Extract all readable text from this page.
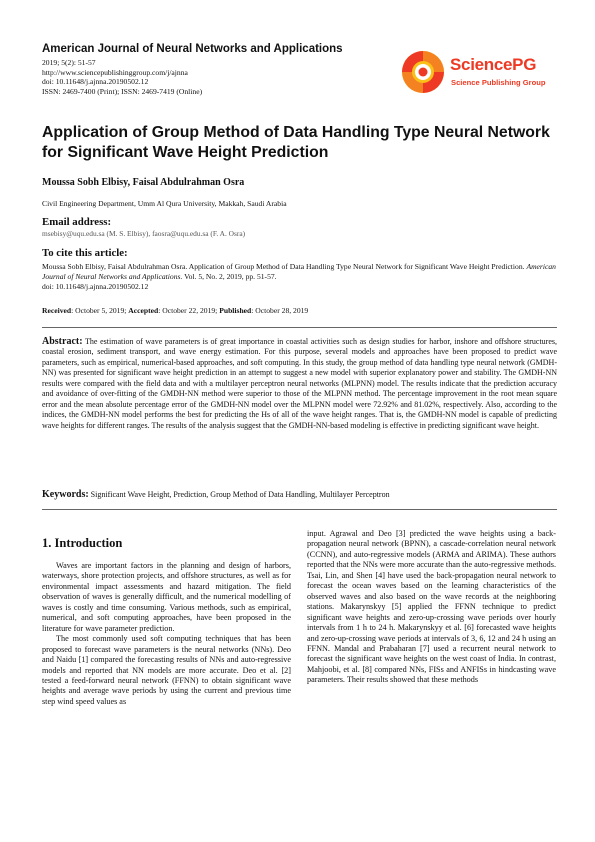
American Journal of Neural Networks and Applications
2019; 5(2): 51-57
http://www.sciencepublishinggroup.com/j/ajnna
doi: 10.11648/j.ajnna.20190502.12
ISSN: 2469-7400 (Print); ISSN: 2469-7419 (Online)
SciencePG
Science Publishing Group
Application of Group Method of Data Handling Type Neural Network for Significant Wave Height Prediction
Moussa Sobh Elbisy, Faisal Abdulrahman Osra
Civil Engineering Department, Umm Al Qura University, Makkah, Saudi Arabia
Email address:
msebisy@uqu.edu.sa (M. S. Elbisy), faosra@uqu.edu.sa (F. A. Osra)
To cite this article:
Moussa Sobh Elbisy, Faisal Abdulrahman Osra. Application of Group Method of Data Handling Type Neural Network for Significant Wave Height Prediction. American Journal of Neural Networks and Applications. Vol. 5, No. 2, 2019, pp. 51-57.
doi: 10.11648/j.ajnna.20190502.12
Received: October 5, 2019; Accepted: October 22, 2019; Published: October 28, 2019
Abstract: The estimation of wave parameters is of great importance in coastal activities such as design studies for harbor, inshore and offshore structures, coastal erosion, sediment transport, and wave energy estimation. For this purpose, several models and approaches have been proposed to predict wave parameters, such as empirical, numerical-based approaches, and soft computing. In this study, the group method of data handling type neural network (GMDH-NN) was presented for significant wave height prediction in an attempt to suggest a new model with superior explanatory power and stability. The GMDH-NN results were compared with the field data and with a multilayer perceptron neural networks (MLPNN) model. The results indicate that the prediction accuracy and avoidance of over-fitting of the GMDH-NN method were superior to those of the MLPNN method. The percentage improvement in the root mean square error and the mean absolute percentage error of the GMDH-NN model over the MLPNN model were 72.92% and 81.02%, respectively. Also, according to the indices, the GMDH-NN model performs the best for predicting the Hs of all of the wave height ranges. That is, the GMDH-NN model is capable of predicting wave heights for different ranges. The results of the analysis suggest that the GMDH-NN-based modeling is effective in predicting significant wave height.
Keywords: Significant Wave Height, Prediction, Group Method of Data Handling, Multilayer Perceptron
1. Introduction

Waves are important factors in the planning and design of harbors, waterways, shore protection projects, and offshore structures, as well as for environmental impact assessments and hazard mitigation. The field observation of waves is generally difficult, and the numerical modelling of waves is costly and time consuming. Various methods, such as empirical, numerical, and soft computing approaches, have been proposed in the literature for wave parameter prediction.

The most commonly used soft computing techniques that has been proposed to forecast wave parameters is the neural networks (NNs). Deo and Naidu [1] compared the forecasting results of NNs and auto-regressive models and reported that NN models are more accurate. Deo et al. [2] tested a feed-forward neural network (FFNN) to obtain significant wave heights and average wave periods by using the current and previous time step wind speed values as

input. Agrawal and Deo [3] predicted the wave heights using a back-propagation neural network (BPNN), a cascade-correlation neural network (CCNN), and auto-regressive models (ARMA and ARIMA). These authors reported that the NNs were more accurate than the auto-regressive methods. Tsai, Lin, and Shen [4] have used the back-propagation neural network to forecast the ocean waves based on the learning characteristics of the observed waves and also based on the wave records at the neighboring stations. Makarynskyy [5] applied the FFNN technique to predict significant wave heights and zero-up-crossing wave periods over hourly intervals from 1 h to 24 h. Makarynskyy et al. [6] forecasted wave heights and zero-up-crossing wave periods at intervals of 3, 6, 12 and 24 h using an FFNN. Mandal and Prabaharan [7] used a recurrent neural network to forecast the significant wave heights on the west coast of India. In contrast, Mahjoobi, et al. [8] compared NNs, FISs and ANFISs in hindcasting wave parameters. Their results showed that these methods
